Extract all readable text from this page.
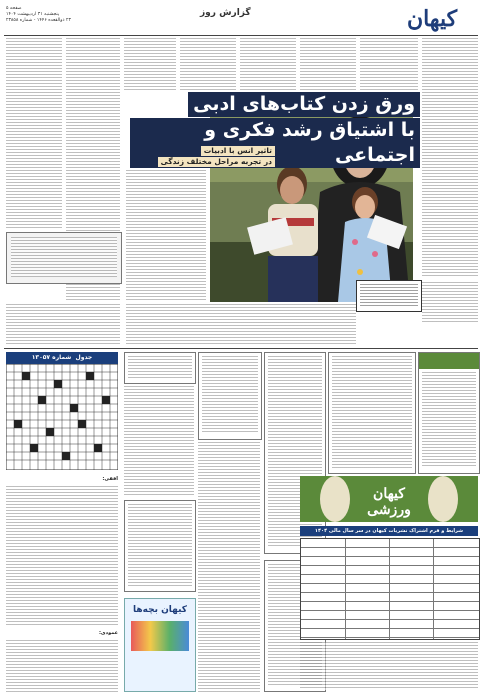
کیهان
گزارش روز
صفحه ۵
پنجشنبه ۳۱ اردیبهشت ۱۴۰۴
۲۳ ذوالقعده ۱۴۴۶ - شماره ۲۳۸۵۸
ورق زدن کتاب‌های ادبی
با اشتیاق رشد فکری و اجتماعی
تاثیر انس با ادبیات
در تجربه مراحل مختلف زندگی
جدول  شماره ۱۳۰۵۷
افقی:
عمودی:
کیهان بچه‌ها
کیهان ورزشی
شرایط و فرم اشتراک نشریات کیهان در سر سال مالی ۱۴۰۴
